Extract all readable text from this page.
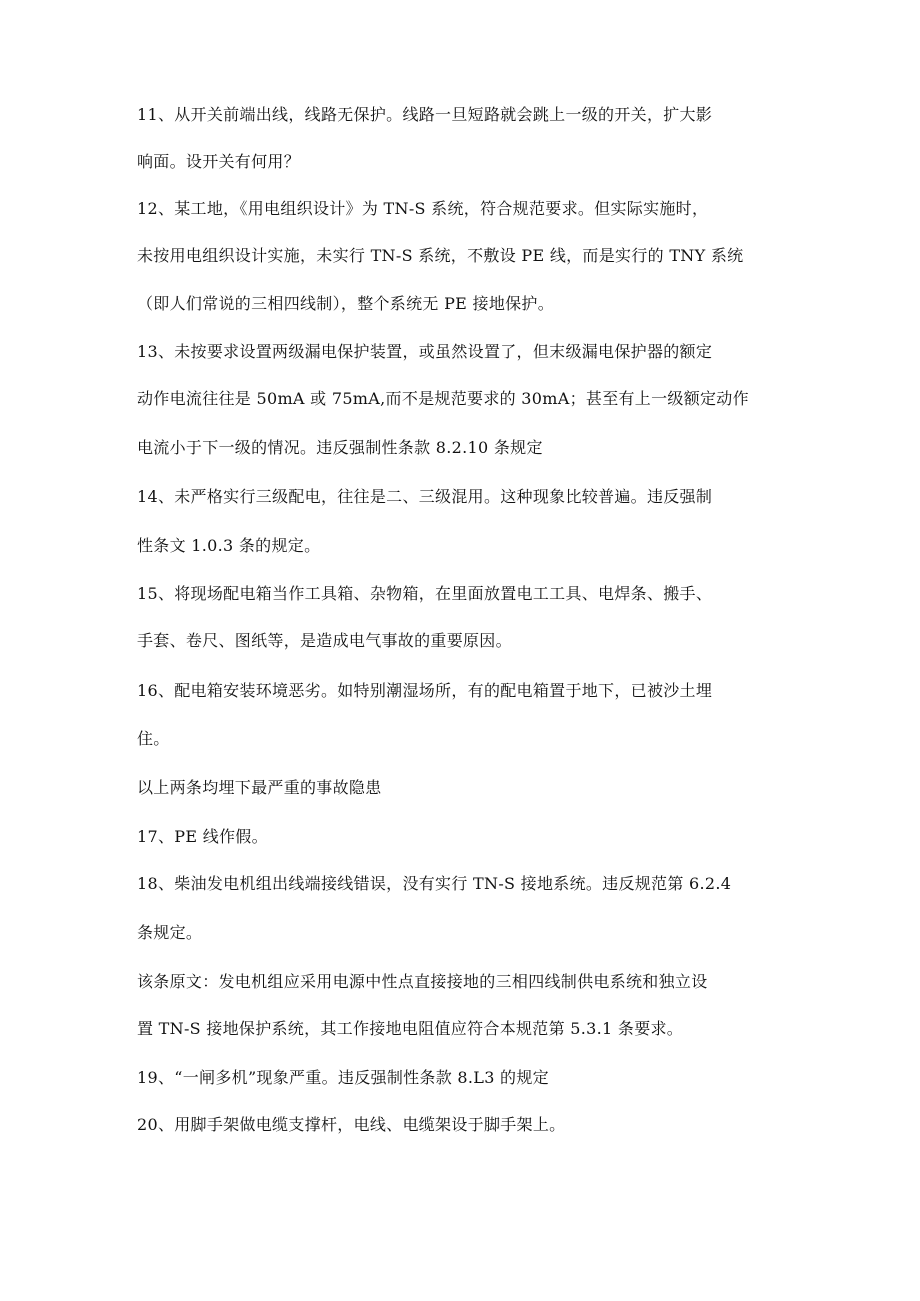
11、从开关前端出线，线路无保护。线路一旦短路就会跳上一级的开关，扩大影
响面。设开关有何用？
12、某工地，《用电组织设计》为 TN-S 系统，符合规范要求。但实际实施时，
未按用电组织设计实施，未实行 TN-S 系统，不敷设 PE 线，而是实行的 TNY 系统
（即人们常说的三相四线制），整个系统无 PE 接地保护。
13、未按要求设置两级漏电保护装置，或虽然设置了，但末级漏电保护器的额定
动作电流往往是 50mA 或 75mA,而不是规范要求的 30mA；甚至有上一级额定动作
电流小于下一级的情况。违反强制性条款 8.2.10 条规定
14、未严格实行三级配电，往往是二、三级混用。这种现象比较普遍。违反强制
性条文 1.0.3 条的规定。
15、将现场配电箱当作工具箱、杂物箱，在里面放置电工工具、电焊条、搬手、
手套、卷尺、图纸等，是造成电气事故的重要原因。
16、配电箱安装环境恶劣。如特别潮湿场所，有的配电箱置于地下，已被沙土埋
住。
以上两条均埋下最严重的事故隐患
17、PE 线作假。
18、柴油发电机组出线端接线错误，没有实行 TN-S 接地系统。违反规范第 6.2.4
条规定。
该条原文：发电机组应采用电源中性点直接接地的三相四线制供电系统和独立设
置 TN-S 接地保护系统，其工作接地电阻值应符合本规范第 5.3.1 条要求。
19、“一闸多机”现象严重。违反强制性条款 8.L3 的规定
20、用脚手架做电缆支撑杆，电线、电缆架设于脚手架上。
